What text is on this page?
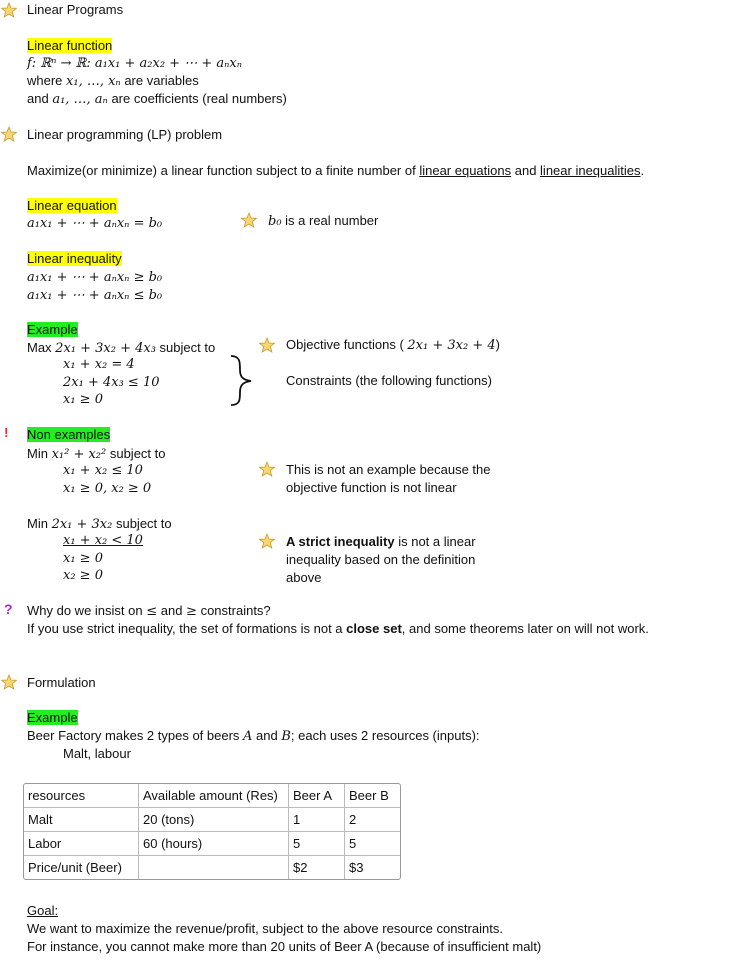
Linear Programs
Linear function
f: ℝⁿ → ℝ: a₁x₁ + a₂x₂ + ⋯ + aₙxₙ
where x₁, …, xₙ are variables
and a₁, …, aₙ are coefficients (real numbers)
Linear programming (LP) problem
Maximize(or minimize) a linear function subject to a finite number of linear equations and linear inequalities.
Linear equation
a₁x₁ + ⋯ + aₙxₙ = b₀	b₀ is a real number
Linear inequality
a₁x₁ + ⋯ + aₙxₙ ≥ b₀
a₁x₁ + ⋯ + aₙxₙ ≤ b₀
Example
Max 2x₁ + 3x₂ + 4x₃ subject to
x₁ + x₂ = 4
2x₁ + 4x₃ ≤ 10
x₁ ≥ 0
Objective functions ( 2x₁ + 3x₂ + 4)
Constraints (the following functions)
! Non examples
Min x₁² + x₂² subject to
x₁ + x₂ ≤ 10
x₁ ≥ 0, x₂ ≥ 0
This is not an example because the
objective function is not linear
Min 2x₁ + 3x₂ subject to
x₁ + x₂ < 10
x₁ ≥ 0
x₂ ≥ 0
A strict inequality is not a linear
inequality based on the definition
above
? Why do we insist on ≤ and ≥ constraints?
If you use strict inequality, the set of formations is not a close set, and some theorems later on will not work.
Formulation
Example
Beer Factory makes 2 types of beers A and B; each uses 2 resources (inputs):
Malt, labour
resources	Available amount (Res)	Beer A	Beer B
Malt	20 (tons)	1	2
Labor	60 (hours)	5	5
Price/unit (Beer)		$2	$3
Goal:
We want to maximize the revenue/profit, subject to the above resource constraints.
For instance, you cannot make more than 20 units of Beer A (because of insufficient malt)
